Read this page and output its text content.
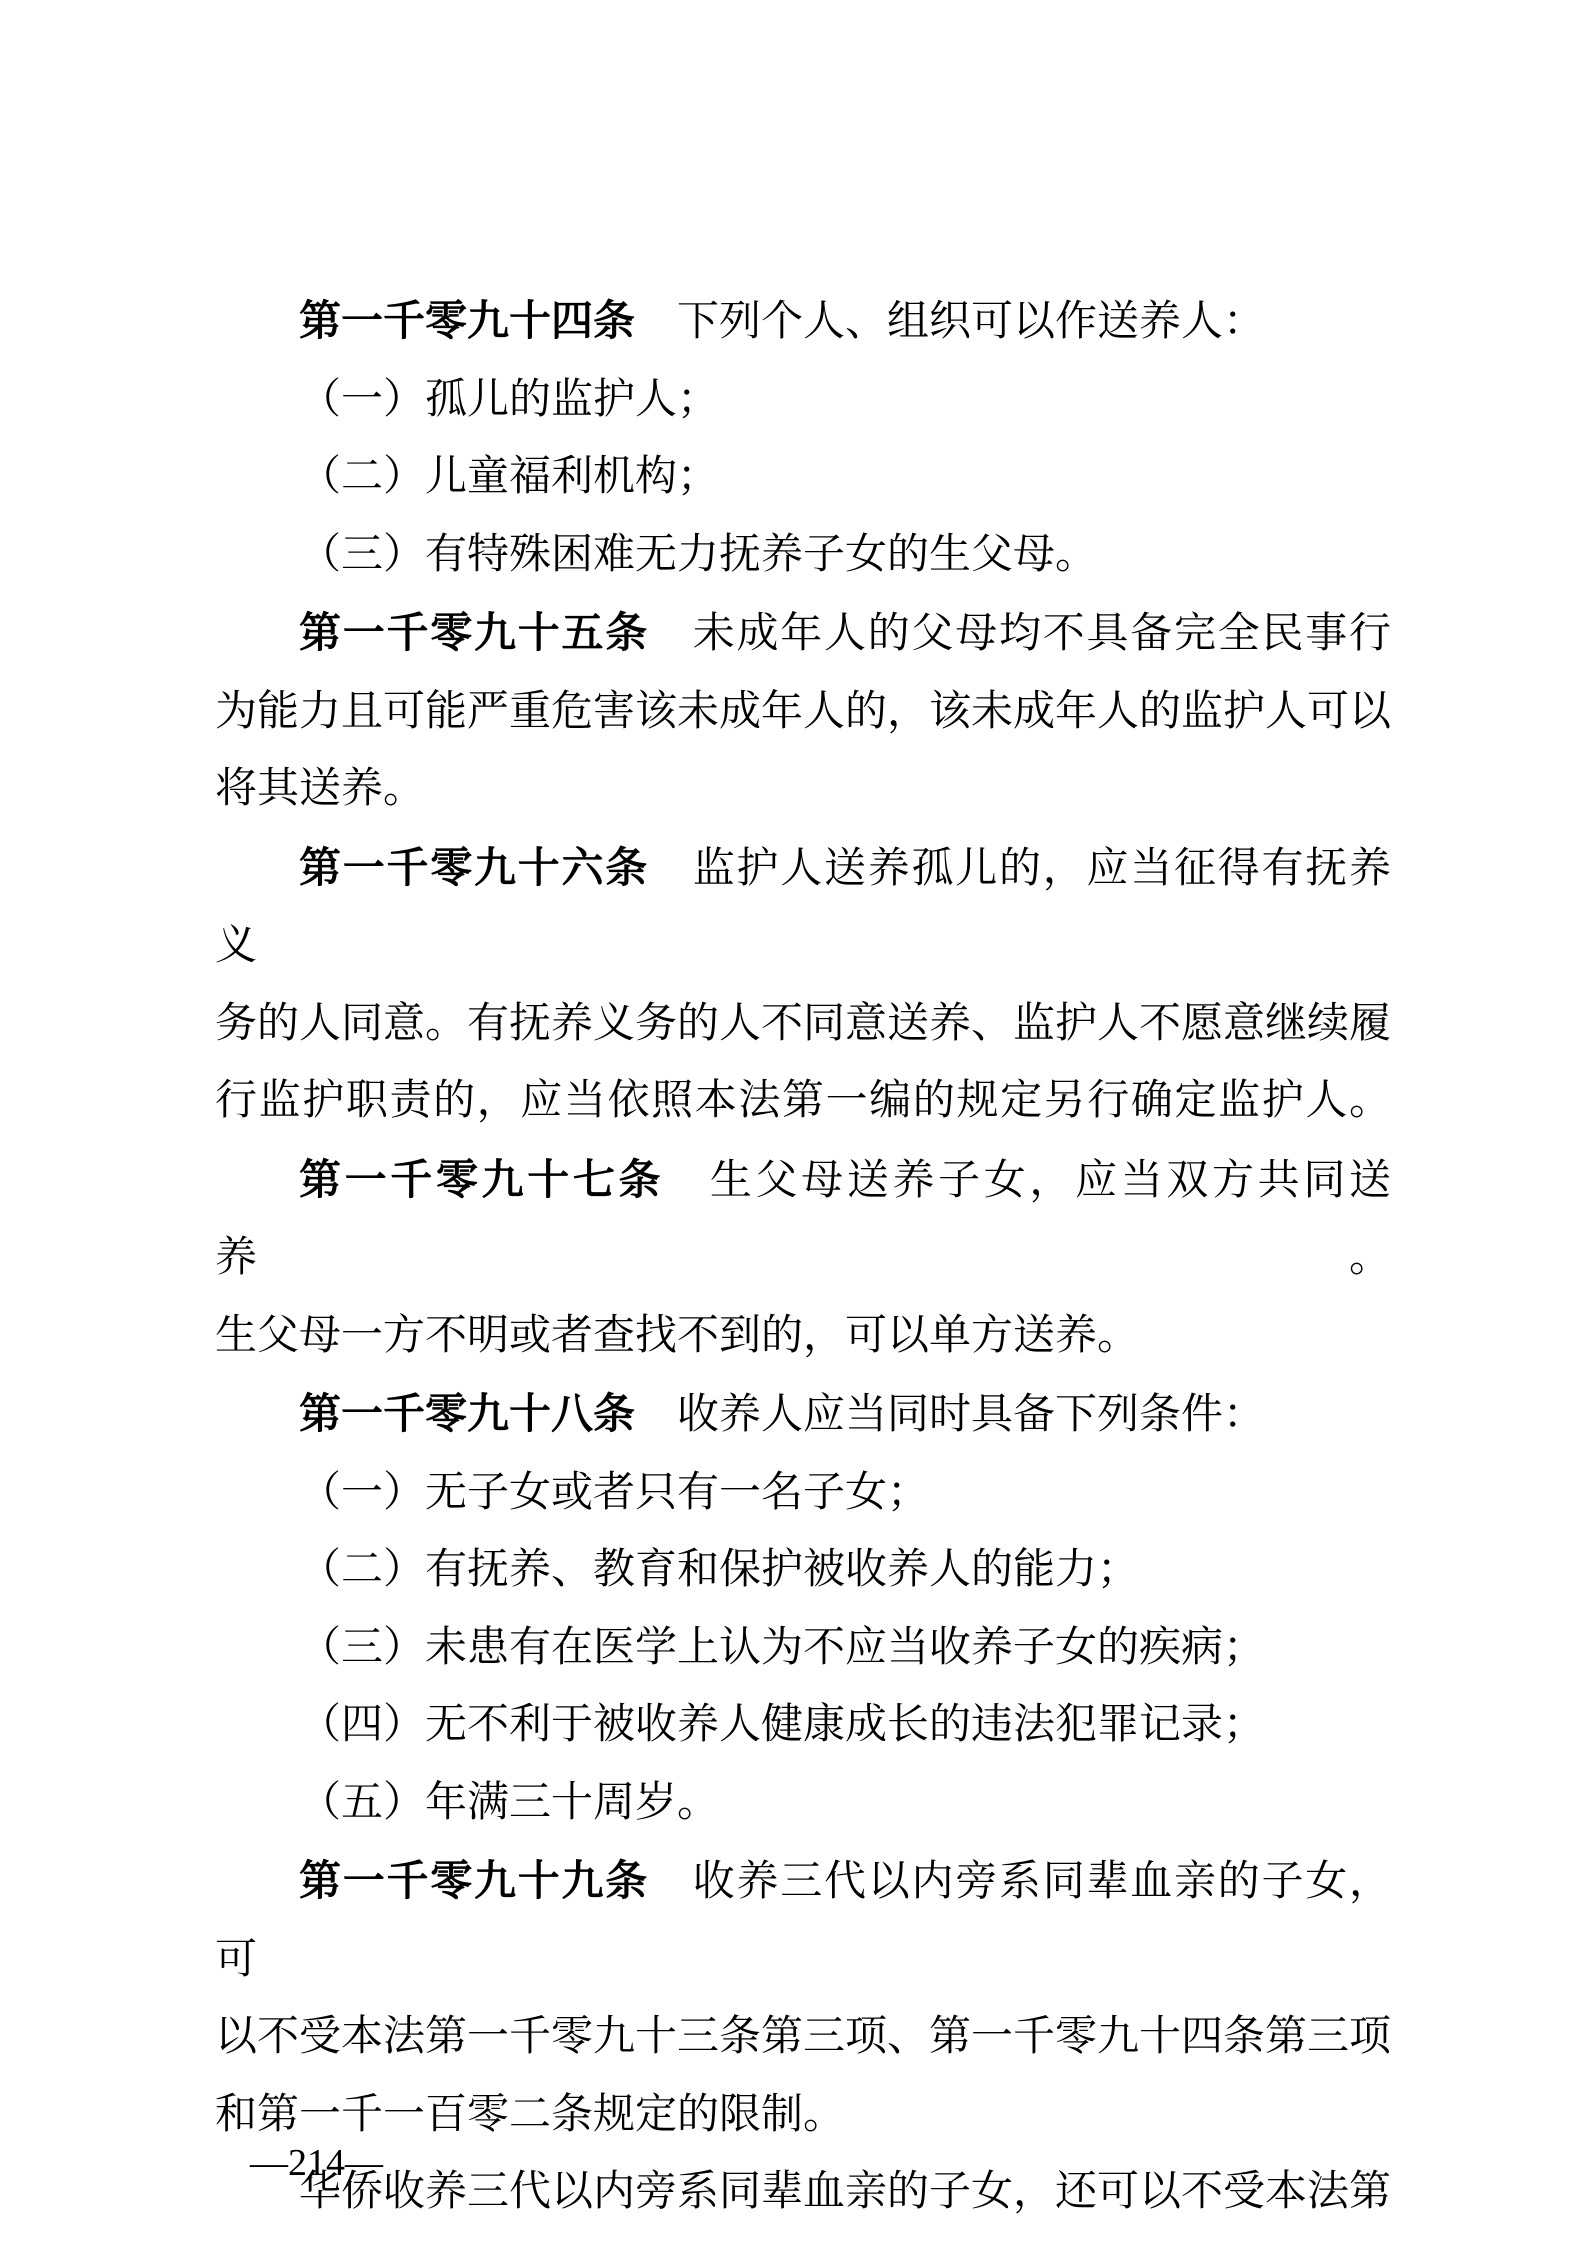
第一千零九十四条　下列个人、组织可以作送养人：

（一）孤儿的监护人；

（二）儿童福利机构；

（三）有特殊困难无力抚养子女的生父母。

第一千零九十五条　未成年人的父母均不具备完全民事行

为能力且可能严重危害该未成年人的，该未成年人的监护人可以

将其送养。

第一千零九十六条　监护人送养孤儿的，应当征得有抚养义

务的人同意。有抚养义务的人不同意送养、监护人不愿意继续履

行监护职责的，应当依照本法第一编的规定另行确定监护人。

第一千零九十七条　生父母送养子女，应当双方共同送养。

生父母一方不明或者查找不到的，可以单方送养。

第一千零九十八条　收养人应当同时具备下列条件：

（一）无子女或者只有一名子女；

（二）有抚养、教育和保护被收养人的能力；

（三）未患有在医学上认为不应当收养子女的疾病；

（四）无不利于被收养人健康成长的违法犯罪记录；

（五）年满三十周岁。

第一千零九十九条　收养三代以内旁系同辈血亲的子女，可

以不受本法第一千零九十三条第三项、第一千零九十四条第三项

和第一千一百零二条规定的限制。

华侨收养三代以内旁系同辈血亲的子女，还可以不受本法第

—214—
